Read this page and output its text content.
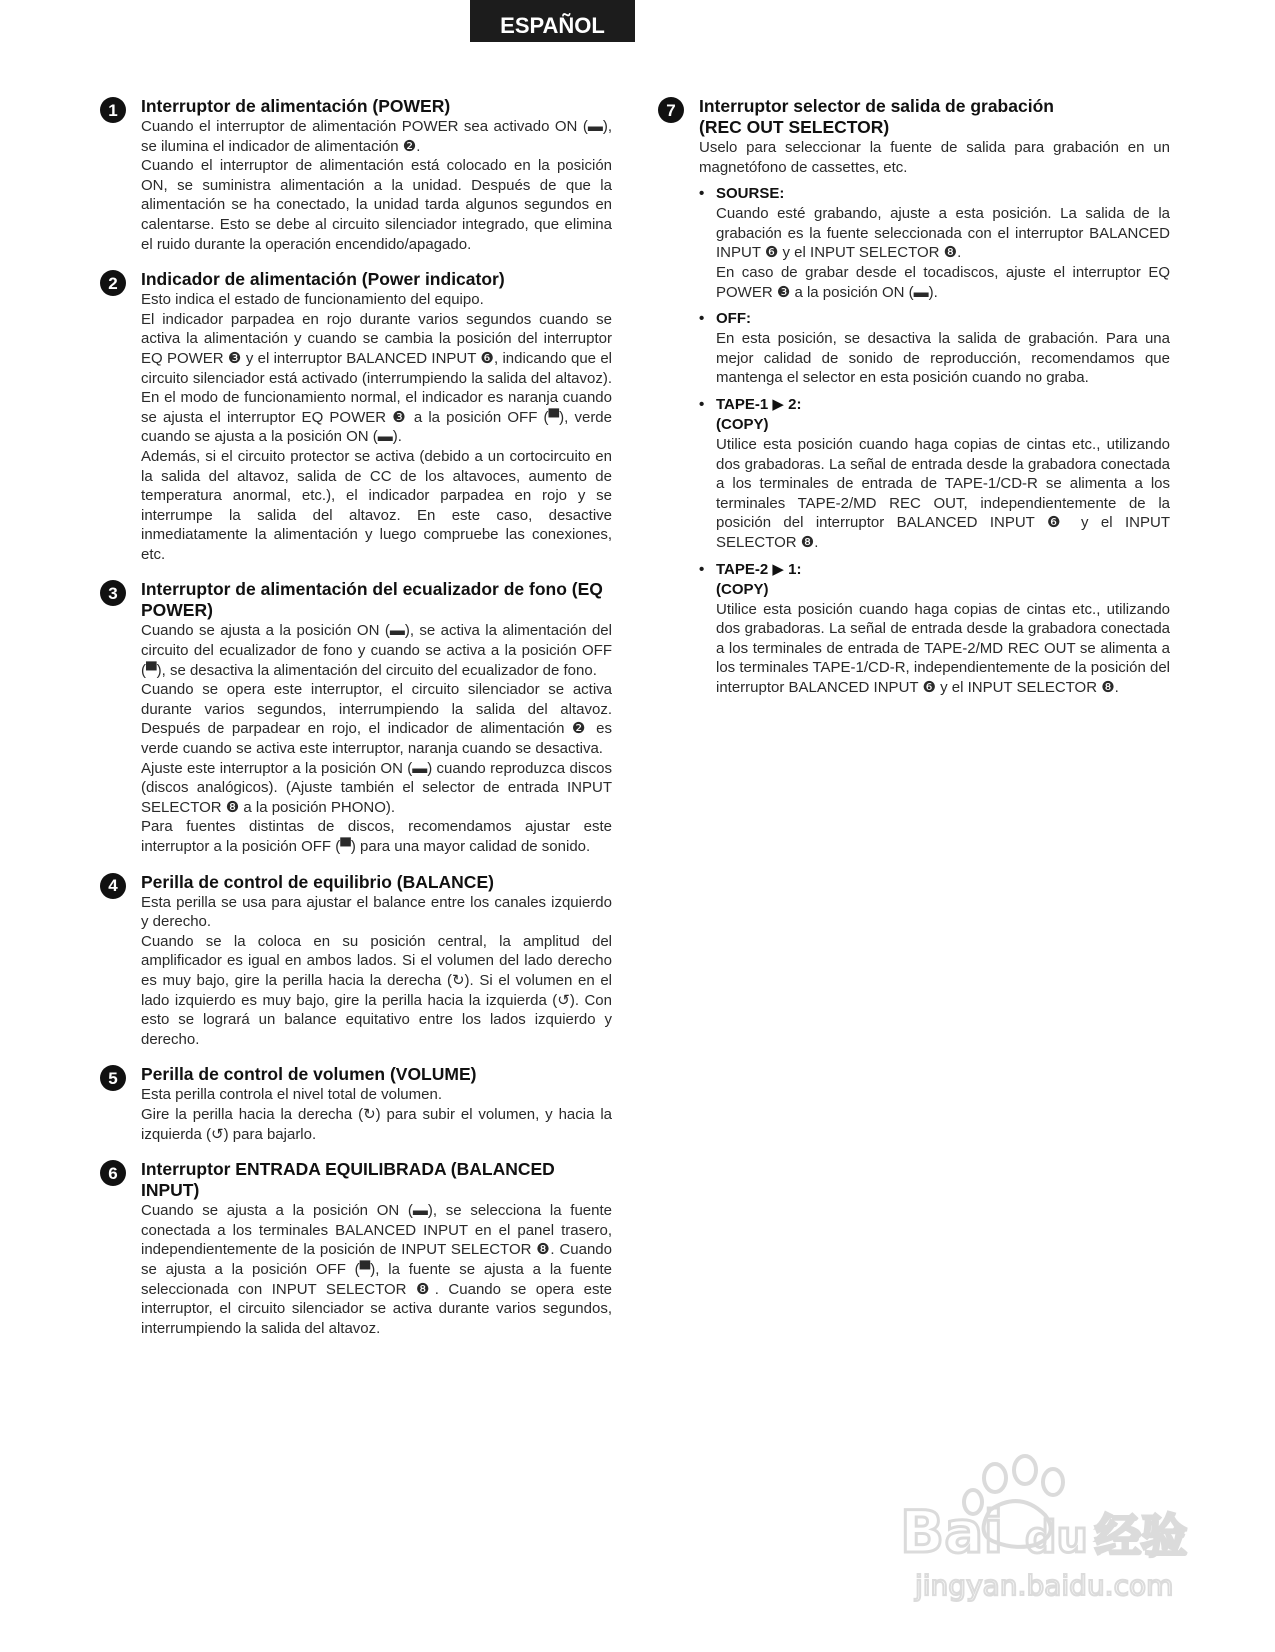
ESPAÑOL
1	Interruptor de alimentación (POWER)
Cuando el interruptor de alimentación POWER sea activado ON (▬), se ilumina el indicador de alimentación ❷.
Cuando el interruptor de alimentación está colocado en la posición ON, se suministra alimentación a la unidad. Después de que la alimentación se ha conectado, la unidad tarda algunos segundos en calentarse. Esto se debe al circuito silenciador integrado, que elimina el ruido durante la operación encendido/apagado.
2	Indicador de alimentación (Power indicator)
Esto indica el estado de funcionamiento del equipo.
El indicador parpadea en rojo durante varios segundos cuando se activa la alimentación y cuando se cambia la posición del interruptor EQ POWER ❸ y el interruptor BALANCED INPUT ❻, indicando que el circuito silenciador está activado (interrumpiendo la salida del altavoz). En el modo de funcionamiento normal, el indicador es naranja cuando se ajusta el interruptor EQ POWER ❸ a la posición OFF (▀), verde cuando se ajusta a la posición ON (▬).
Además, si el circuito protector se activa (debido a un cortocircuito en la salida del altavoz, salida de CC de los altavoces, aumento de temperatura anormal, etc.), el indicador parpadea en rojo y se interrumpe la salida del altavoz. En este caso, desactive inmediatamente la alimentación y luego compruebe las conexiones, etc.
3	Interruptor de alimentación del ecualizador de fono (EQ POWER)
Cuando se ajusta a la posición ON (▬), se activa la alimentación del circuito del ecualizador de fono y cuando se activa a la posición OFF (▀), se desactiva la alimentación del circuito del ecualizador de fono.
Cuando se opera este interruptor, el circuito silenciador se activa durante varios segundos, interrumpiendo la salida del altavoz. Después de parpadear en rojo, el indicador de alimentación ❷ es verde cuando se activa este interruptor, naranja cuando se desactiva.
Ajuste este interruptor a la posición ON (▬) cuando reproduzca discos (discos analógicos). (Ajuste también el selector de entrada INPUT SELECTOR ❽ a la posición PHONO).
Para fuentes distintas de discos, recomendamos ajustar este interruptor a la posición OFF (▀) para una mayor calidad de sonido.
4	Perilla de control de equilibrio (BALANCE)
Esta perilla se usa para ajustar el balance entre los canales izquierdo y derecho.
Cuando se la coloca en su posición central, la amplitud del amplificador es igual en ambos lados. Si el volumen del lado derecho es muy bajo, gire la perilla hacia la derecha (↻). Si el volumen en el lado izquierdo es muy bajo, gire la perilla hacia la izquierda (↺). Con esto se logrará un balance equitativo entre los lados izquierdo y derecho.
5	Perilla de control de volumen (VOLUME)
Esta perilla controla el nivel total de volumen.
Gire la perilla hacia la derecha (↻) para subir el volumen, y hacia la izquierda (↺) para bajarlo.
6	Interruptor ENTRADA EQUILIBRADA (BALANCED INPUT)
Cuando se ajusta a la posición ON (▬), se selecciona la fuente conectada a los terminales BALANCED INPUT en el panel trasero, independientemente de la posición de INPUT SELECTOR ❽. Cuando se ajusta a la posición OFF (▀), la fuente se ajusta a la fuente seleccionada con INPUT SELECTOR ❽. Cuando se opera este interruptor, el circuito silenciador se activa durante varios segundos, interrumpiendo la salida del altavoz.
7	Interruptor selector de salida de grabación
(REC OUT SELECTOR)
Uselo para seleccionar la fuente de salida para grabación en un magnetófono de cassettes, etc.
• SOURSE:
Cuando esté grabando, ajuste a esta posición. La salida de la grabación es la fuente seleccionada con el interruptor BALANCED INPUT ❻ y el INPUT SELECTOR ❽.
En caso de grabar desde el tocadiscos, ajuste el interruptor EQ POWER ❸ a la posición ON (▬).
• OFF:
En esta posición, se desactiva la salida de grabación. Para una mejor calidad de sonido de reproducción, recomendamos que mantenga el selector en esta posición cuando no graba.
• TAPE-1 ▶ 2:
(COPY)
Utilice esta posición cuando haga copias de cintas etc., utilizando dos grabadoras. La señal de entrada desde la grabadora conectada a los terminales de entrada de TAPE-1/CD-R se alimenta a los terminales TAPE-2/MD REC OUT, independientemente de la posición del interruptor BALANCED INPUT ❻ y el INPUT SELECTOR ❽.
• TAPE-2 ▶ 1:
(COPY)
Utilice esta posición cuando haga copias de cintas etc., utilizando dos grabadoras. La señal de entrada desde la grabadora conectada a los terminales de entrada de TAPE-2/MD REC OUT se alimenta a los terminales TAPE-1/CD-R, independientemente de la posición del interruptor BALANCED INPUT ❻ y el INPUT SELECTOR ❽.
Bai du 经验
jingyan.baidu.com
